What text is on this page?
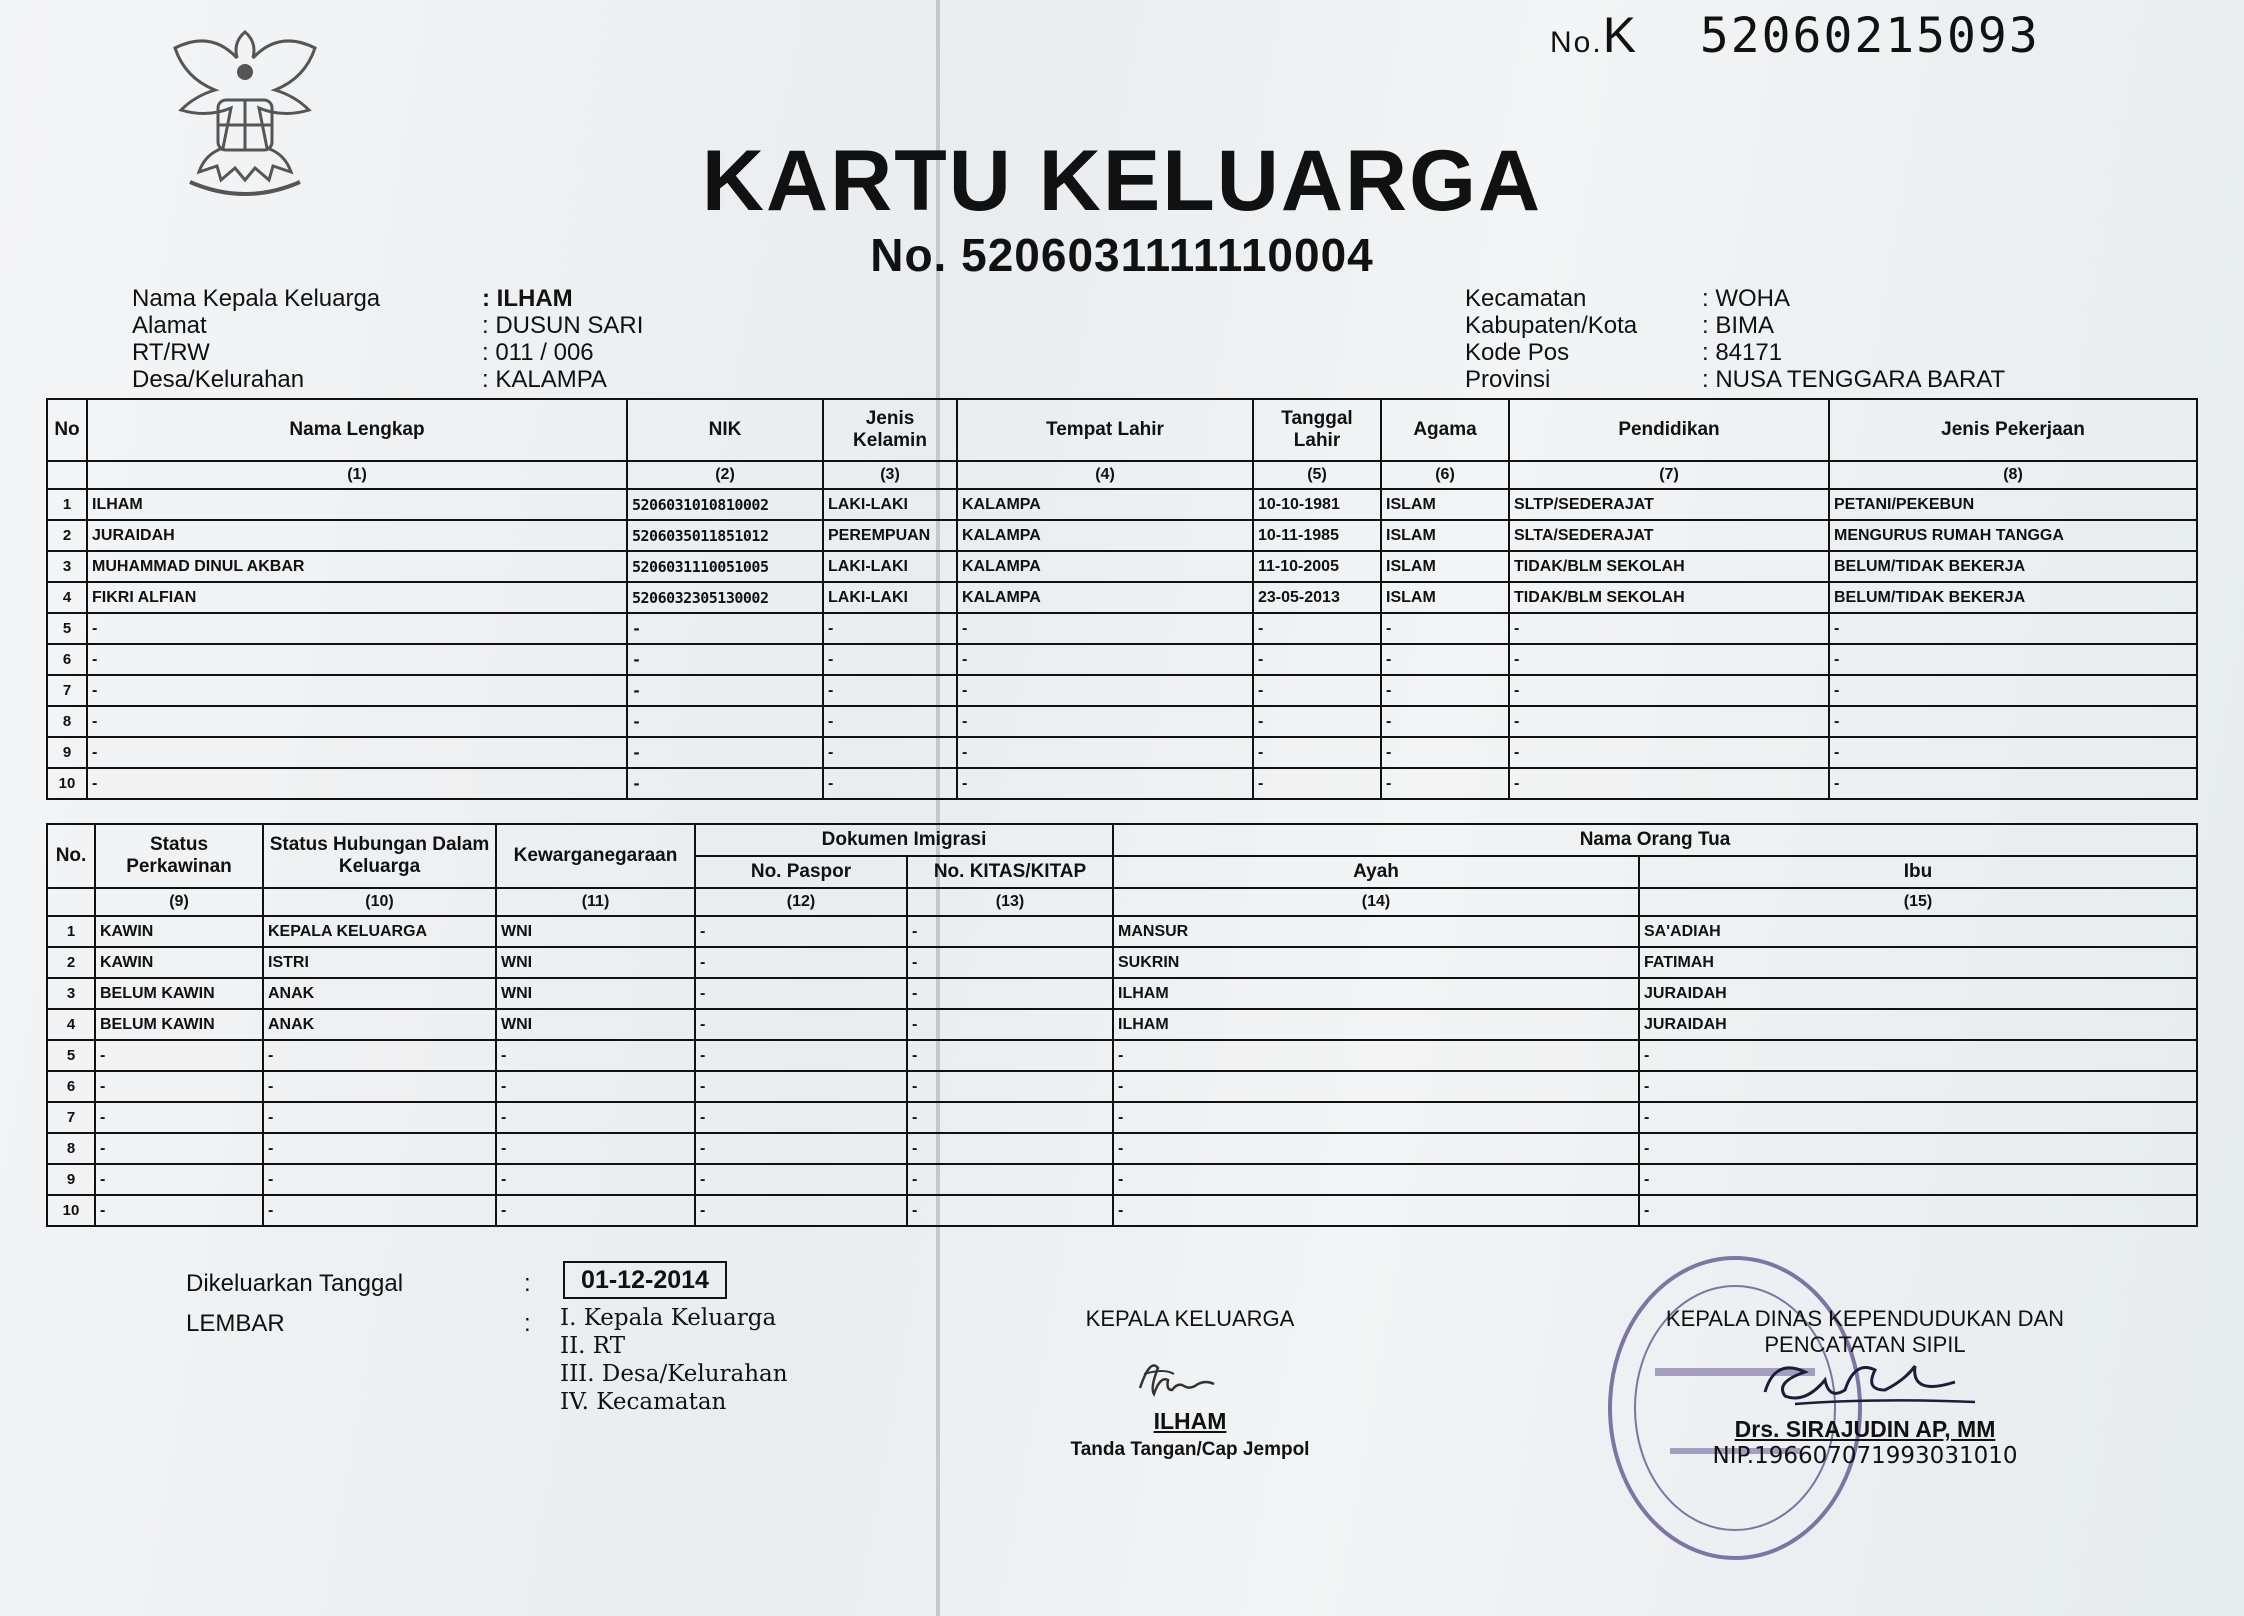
No.K 52060215093
KARTU KELUARGA
No. 5206031111110004
Nama Kepala Keluarga	: ILHAM
Alamat	: DUSUN SARI
RT/RW	: 011 / 006
Desa/Kelurahan	: KALAMPA
Kecamatan	: WOHA
Kabupaten/Kota	: BIMA
Kode Pos	: 84171
Provinsi	: NUSA TENGGARA BARAT
No	Nama Lengkap	NIK	Jenis Kelamin	Tempat Lahir	Tanggal Lahir	Agama	Pendidikan	Jenis Pekerjaan
	(1)	(2)	(3)	(4)	(5)	(6)	(7)	(8)
1	ILHAM	5206031010810002	LAKI-LAKI	KALAMPA	10-10-1981	ISLAM	SLTP/SEDERAJAT	PETANI/PEKEBUN
2	JURAIDAH	5206035011851012	PEREMPUAN	KALAMPA	10-11-1985	ISLAM	SLTA/SEDERAJAT	MENGURUS RUMAH TANGGA
3	MUHAMMAD DINUL AKBAR	5206031110051005	LAKI-LAKI	KALAMPA	11-10-2005	ISLAM	TIDAK/BLM SEKOLAH	BELUM/TIDAK BEKERJA
4	FIKRI ALFIAN	5206032305130002	LAKI-LAKI	KALAMPA	23-05-2013	ISLAM	TIDAK/BLM SEKOLAH	BELUM/TIDAK BEKERJA
5	-	-	-	-	-	-	-	-
6	-	-	-	-	-	-	-	-
7	-	-	-	-	-	-	-	-
8	-	-	-	-	-	-	-	-
9	-	-	-	-	-	-	-	-
10	-	-	-	-	-	-	-	-
No.	Status Perkawinan	Status Hubungan Dalam Keluarga	Kewarganegaraan	Dokumen Imigrasi		Nama Orang Tua	
				No. Paspor	No. KITAS/KITAP	Ayah	Ibu
	(9)	(10)	(11)	(12)	(13)	(14)	(15)
1	KAWIN	KEPALA KELUARGA	WNI	-	-	MANSUR	SA'ADIAH
2	KAWIN	ISTRI	WNI	-	-	SUKRIN	FATIMAH
3	BELUM KAWIN	ANAK	WNI	-	-	ILHAM	JURAIDAH
4	BELUM KAWIN	ANAK	WNI	-	-	ILHAM	JURAIDAH
5	-	-	-	-	-	-	-
6	-	-	-	-	-	-	-
7	-	-	-	-	-	-	-
8	-	-	-	-	-	-	-
9	-	-	-	-	-	-	-
10	-	-	-	-	-	-	-
Dikeluarkan Tanggal	:
LEMBAR	: I. Kepala Keluarga
II. RT
III. Desa/Kelurahan
IV. Kecamatan
01-12-2014
KEPALA KELUARGA
ILHAM
Tanda Tangan/Cap Jempol
KEPALA DINAS KEPENDUDUKAN DAN
PENCATATAN SIPIL
Drs. SIRAJUDIN AP, MM
NIP.196607071993031010
